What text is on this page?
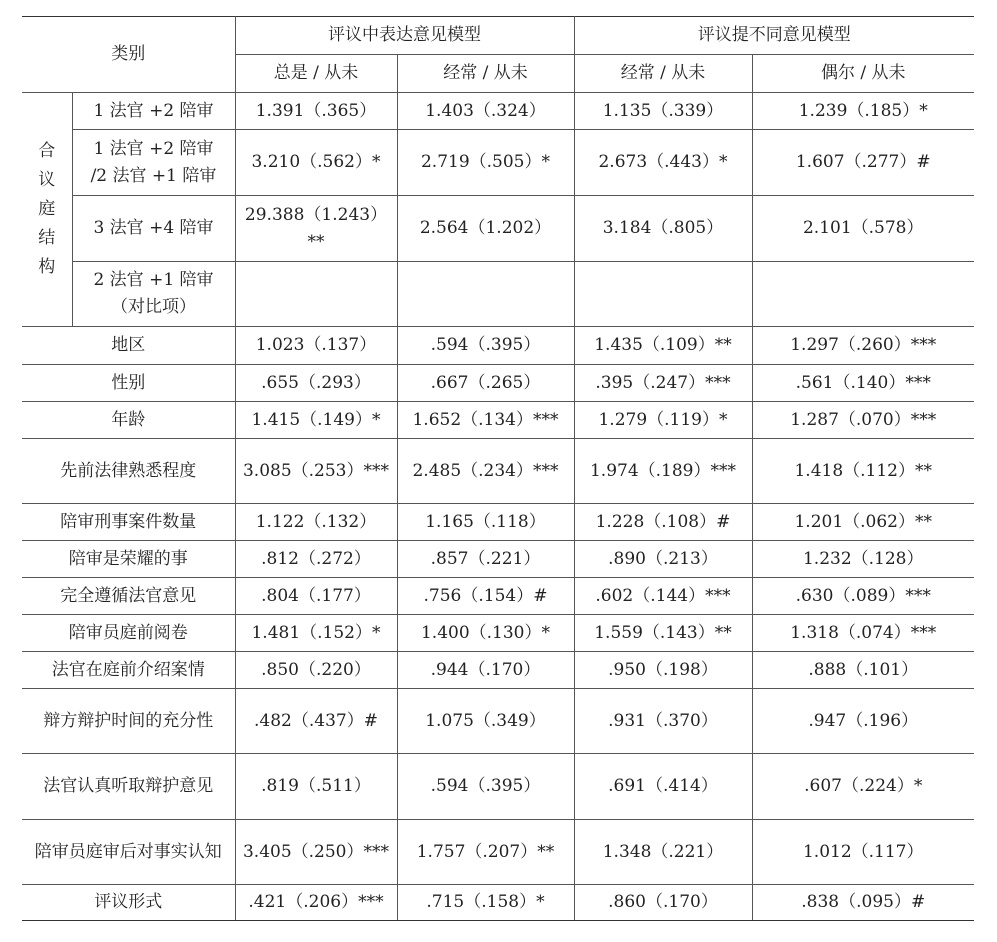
类别		评议中表达意见模型		评议提不同意见模型	
		总是 / 从未	经常 / 从未	经常 / 从未	偶尔 / 从未

合
议
庭
结
构	1 法官 +2 陪审	1.391（.365）	1.403（.324）	1.135（.339）	1.239（.185）*

	1 法官 +2 陪审
/2 法官 +1 陪审	3.210（.562）*	2.719（.505）*	2.673（.443）*	1.607（.277）#

	3 法官 +4 陪审	29.388（1.243）**	2.564（1.202）	3.184（.805）	2.101（.578）

	2 法官 +1 陪审
（对比项）				

地区		1.023（.137）	.594（.395）	1.435（.109）**	1.297（.260）***
性别		.655（.293）	.667（.265）	.395（.247）***	.561（.140）***
年龄		1.415（.149）*	1.652（.134）***	1.279（.119）*	1.287（.070）***
先前法律熟悉程度		3.085（.253）***	2.485（.234）***	1.974（.189）***	1.418（.112）**
陪审刑事案件数量		1.122（.132）	1.165（.118）	1.228（.108）#	1.201（.062）**
陪审是荣耀的事		.812（.272）	.857（.221）	.890（.213）	1.232（.128）
完全遵循法官意见		.804（.177）	.756（.154）#	.602（.144）***	.630（.089）***
陪审员庭前阅卷		1.481（.152）*	1.400（.130）*	1.559（.143）**	1.318（.074）***
法官在庭前介绍案情		.850（.220）	.944（.170）	.950（.198）	.888（.101）
辩方辩护时间的充分性		.482（.437）#	1.075（.349）	.931（.370）	.947（.196）
法官认真听取辩护意见		.819（.511）	.594（.395）	.691（.414）	.607（.224）*
陪审员庭审后对事实认知		3.405（.250）***	1.757（.207）**	1.348（.221）	1.012（.117）
评议形式		.421（.206）***	.715（.158）*	.860（.170）	.838（.095）#
